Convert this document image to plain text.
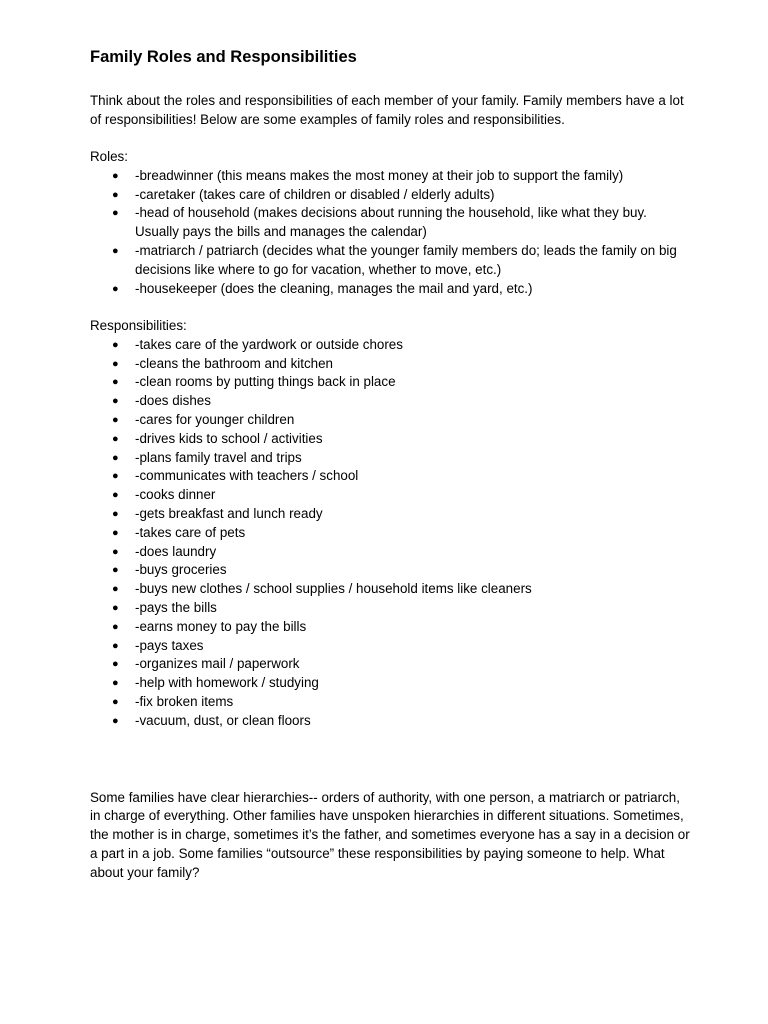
Family Roles and Responsibilities

Think about the roles and responsibilities of each member of your family. Family members have a lot of responsibilities! Below are some examples of family roles and responsibilities.

Roles:

● -breadwinner (this means makes the most money at their job to support the family)
● -caretaker (takes care of children or disabled / elderly adults)
● -head of household (makes decisions about running the household, like what they buy. Usually pays the bills and manages the calendar)
● -matriarch / patriarch (decides what the younger family members do; leads the family on big decisions like where to go for vacation, whether to move, etc.)
● -housekeeper (does the cleaning, manages the mail and yard, etc.)

Responsibilities:

● -takes care of the yardwork or outside chores
● -cleans the bathroom and kitchen
● -clean rooms by putting things back in place
● -does dishes
● -cares for younger children
● -drives kids to school / activities
● -plans family travel and trips
● -communicates with teachers / school
● -cooks dinner
● -gets breakfast and lunch ready
● -takes care of pets
● -does laundry
● -buys groceries
● -buys new clothes / school supplies / household items like cleaners
● -pays the bills
● -earns money to pay the bills
● -pays taxes
● -organizes mail / paperwork
● -help with homework / studying
● -fix broken items
● -vacuum, dust, or clean floors

Some families have clear hierarchies-- orders of authority, with one person, a matriarch or patriarch, in charge of everything. Other families have unspoken hierarchies in different situations. Sometimes, the mother is in charge, sometimes it’s the father, and sometimes everyone has a say in a decision or a part in a job. Some families “outsource” these responsibilities by paying someone to help. What about your family?
